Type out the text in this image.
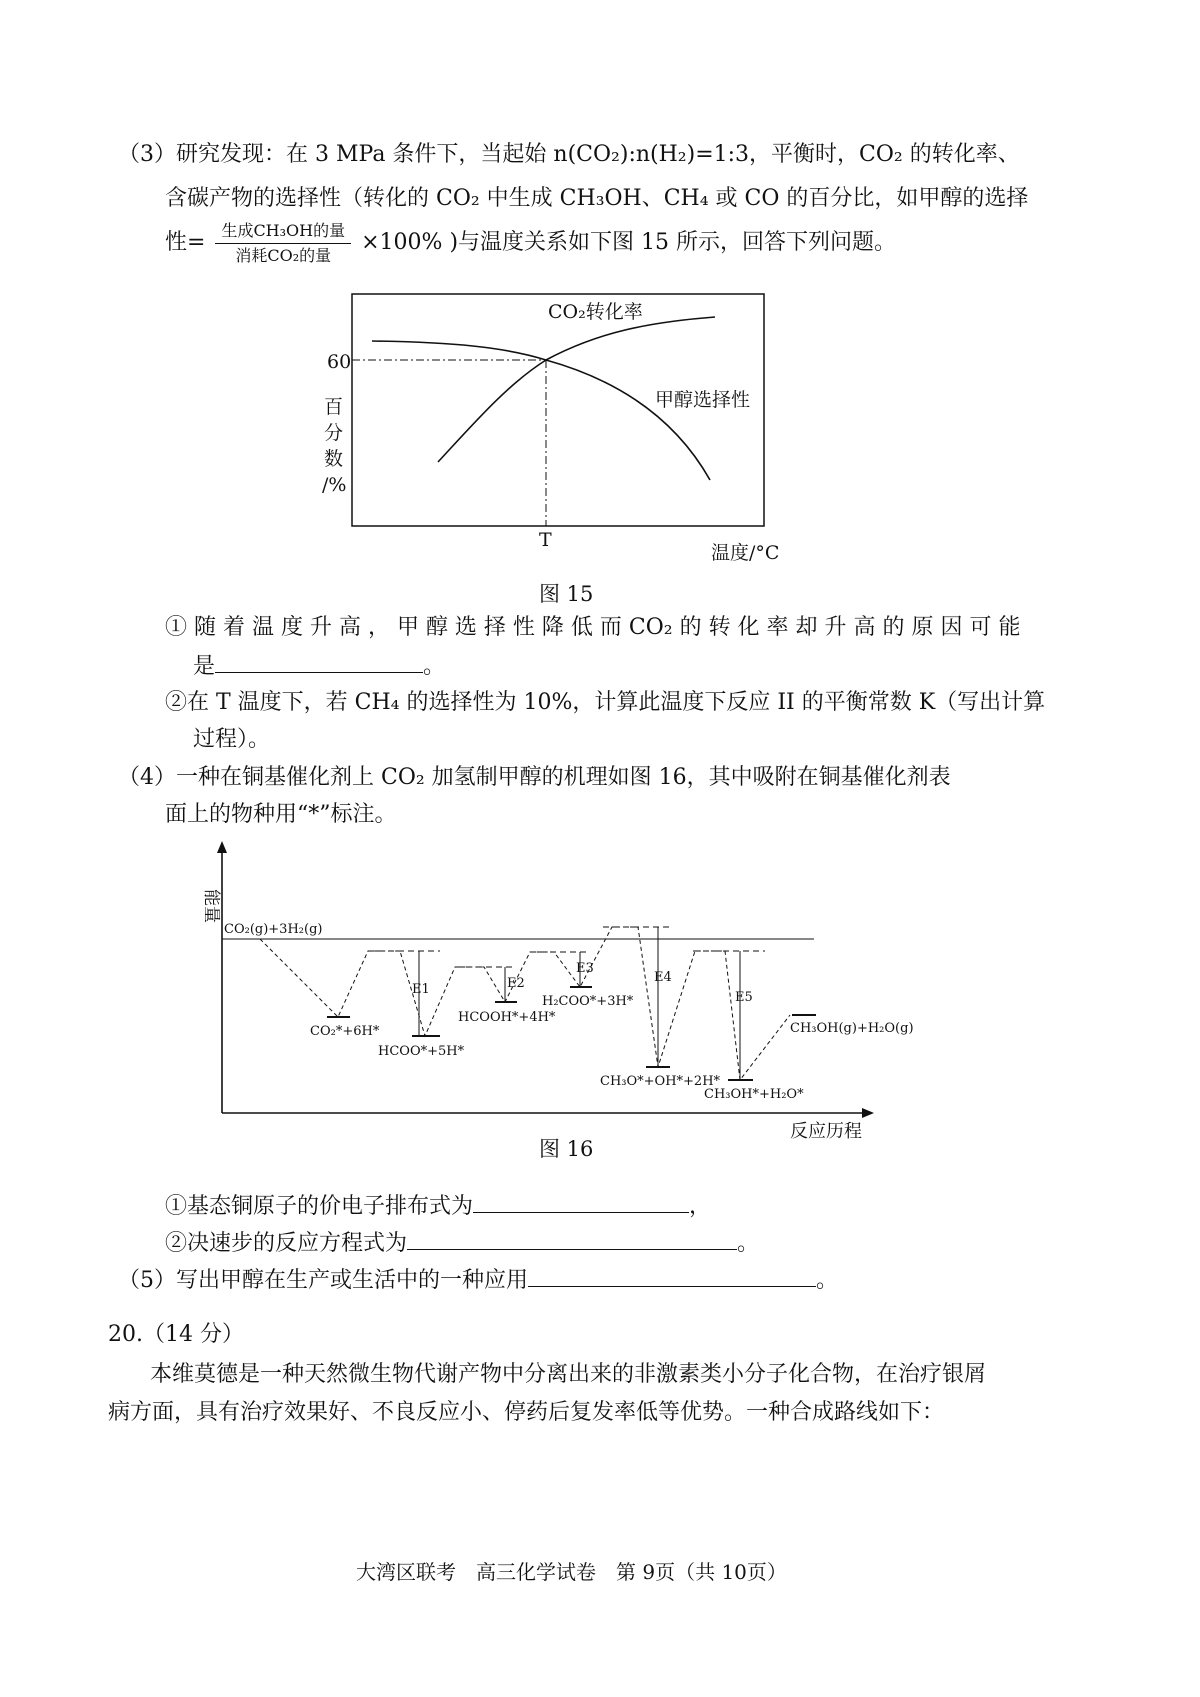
（3）研究发现：在 3 MPa 条件下，当起始 n(CO₂):n(H₂)=1:3，平衡时，CO₂ 的转化率、
含碳产物的选择性（转化的 CO₂ 中生成 CH₃OH、CH₄ 或 CO 的百分比，如甲醇的选择
性= $\frac{\text{生成CH₃OH的量}}{\text{消耗CO₂的量}} \times 100\%$ )与温度关系如下图 15 所示，回答下列问题。
CO₂转化率
甲醇选择性
60
T
百
分
数
/%
温度/°C
图 15
① 随 着 温 度 升 高 ， 甲 醇 选 择 性 降 低 而 CO₂ 的 转 化 率 却 升 高 的 原 因 可 能
是	。
②在 T 温度下，若 CH₄ 的选择性为 10%，计算此温度下反应 II 的平衡常数 K（写出计算
过程）。
（4）一种在铜基催化剂上 CO₂ 加氢制甲醇的机理如图 16，其中吸附在铜基催化剂表
面上的物种用“*”标注。
能量
CO₂(g)+3H₂(g)
E1	E2
E3
E4
E5
CO₂*+6H*
HCOO*+5H*
HCOOH*+4H*
H₂COO*+3H*
CH₃O*+OH*+2H*
CH₃OH*+H₂O*
CH₃OH(g)+H₂O(g)
反应历程
图 16
①基态铜原子的价电子排布式为	，
②决速步的反应方程式为	。
（5）写出甲醇在生产或生活中的一种应用	。
20.（14 分）
本维莫德是一种天然微生物代谢产物中分离出来的非激素类小分子化合物，在治疗银屑
病方面，具有治疗效果好、不良反应小、停药后复发率低等优势。一种合成路线如下：
大湾区联考　高三化学试卷　第 9页（共 10页）
